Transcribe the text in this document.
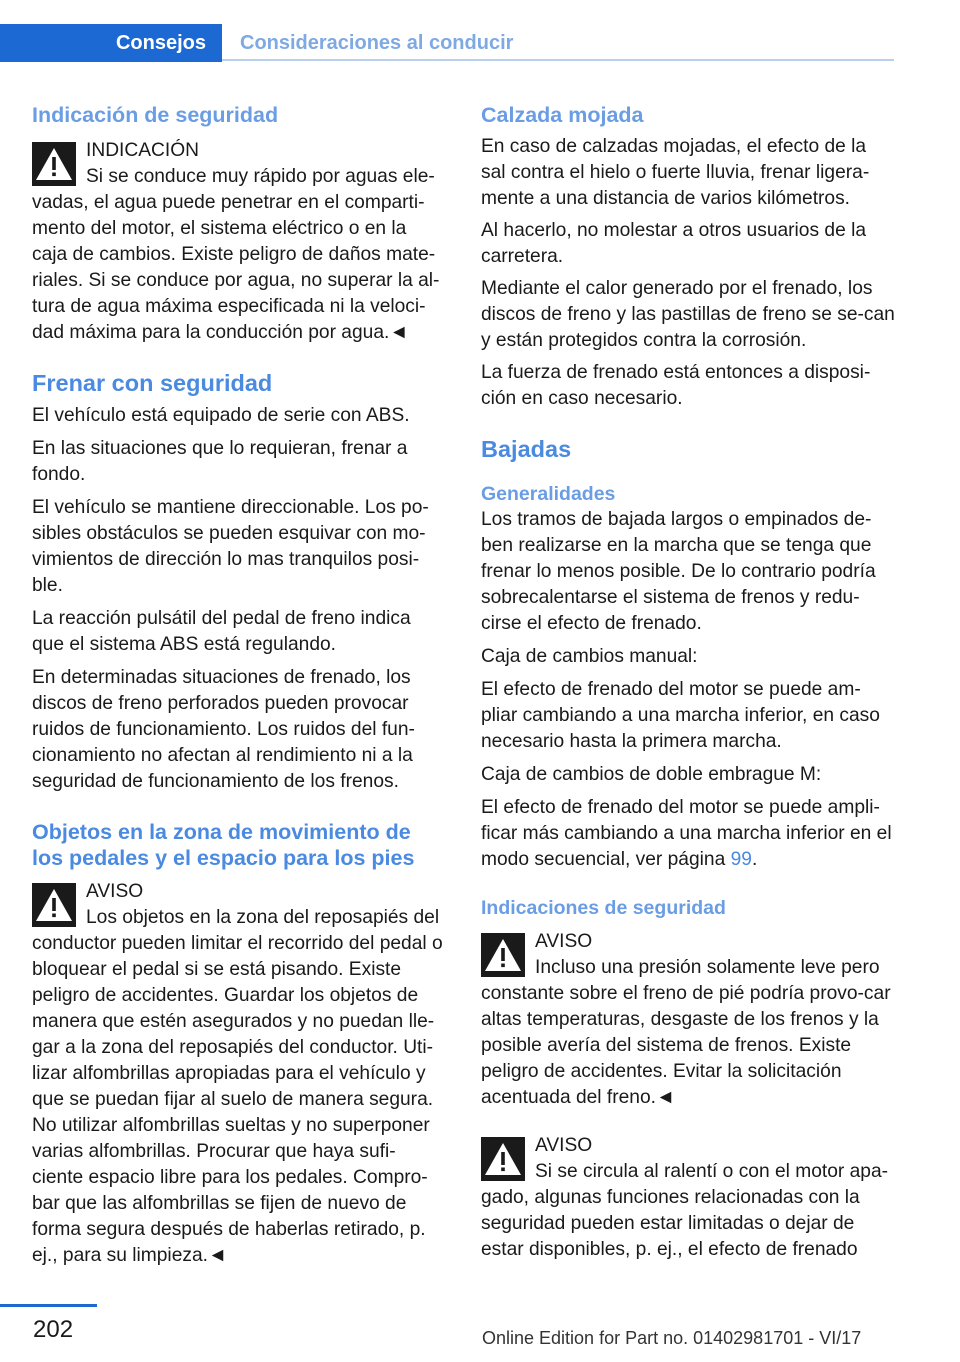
Consejos	Consideraciones al conducir
Indicación de seguridad
INDICACIÓN
Si se conduce muy rápido por aguas ele-vadas, el agua puede penetrar en el comparti-mento del motor, el sistema eléctrico o en la caja de cambios. Existe peligro de daños mate-riales. Si se conduce por agua, no superar la al-tura de agua máxima especificada ni la veloci-dad máxima para la conducción por agua.◄
Frenar con seguridad

El vehículo está equipado de serie con ABS.

En las situaciones que lo requieran, frenar a fondo.

El vehículo se mantiene direccionable. Los po-sibles obstáculos se pueden esquivar con mo-vimientos de dirección lo mas tranquilos posi-ble.

La reacción pulsátil del pedal de freno indica que el sistema ABS está regulando.

En determinadas situaciones de frenado, los discos de freno perforados pueden provocar ruidos de funcionamiento. Los ruidos del fun-cionamiento no afectan al rendimiento ni a la seguridad de funcionamiento de los frenos.

Objetos en la zona de movimiento de los pedales y el espacio para los pies
AVISO
Los objetos en la zona del reposapiés del conductor pueden limitar el recorrido del pedal o bloquear el pedal si se está pisando. Existe peligro de accidentes. Guardar los objetos de manera que estén asegurados y no puedan lle-gar a la zona del reposapiés del conductor. Uti-lizar alfombrillas apropiadas para el vehículo y que se puedan fijar al suelo de manera segura. No utilizar alfombrillas sueltas y no superponer varias alfombrillas. Procurar que haya sufi-ciente espacio libre para los pedales. Compro-bar que las alfombrillas se fijen de nuevo de forma segura después de haberlas retirado, p. ej., para su limpieza.◄
Calzada mojada

En caso de calzadas mojadas, el efecto de la sal contra el hielo o fuerte lluvia, frenar ligera-mente a una distancia de varios kilómetros.

Al hacerlo, no molestar a otros usuarios de la carretera.

Mediante el calor generado por el frenado, los discos de freno y las pastillas de freno se se-can y están protegidos contra la corrosión.

La fuerza de frenado está entonces a disposi-ción en caso necesario.

Bajadas
Generalidades

Los tramos de bajada largos o empinados de-ben realizarse en la marcha que se tenga que frenar lo menos posible. De lo contrario podría sobrecalentarse el sistema de frenos y redu-cirse el efecto de frenado.

Caja de cambios manual:

El efecto de frenado del motor se puede am-pliar cambiando a una marcha inferior, en caso necesario hasta la primera marcha.

Caja de cambios de doble embrague M:

El efecto de frenado del motor se puede ampli-ficar más cambiando a una marcha inferior en el modo secuencial, ver página 99.

Indicaciones de seguridad
AVISO
Incluso una presión solamente leve pero constante sobre el freno de pié podría provo-car altas temperaturas, desgaste de los frenos y la posible avería del sistema de frenos. Existe peligro de accidentes. Evitar la solicitación acentuada del freno.◄
AVISO
Si se circula al ralentí o con el motor apa-gado, algunas funciones relacionadas con la seguridad pueden estar limitadas o dejar de estar disponibles, p. ej., el efecto de frenado
202	Online Edition for Part no. 01402981701 - VI/17
